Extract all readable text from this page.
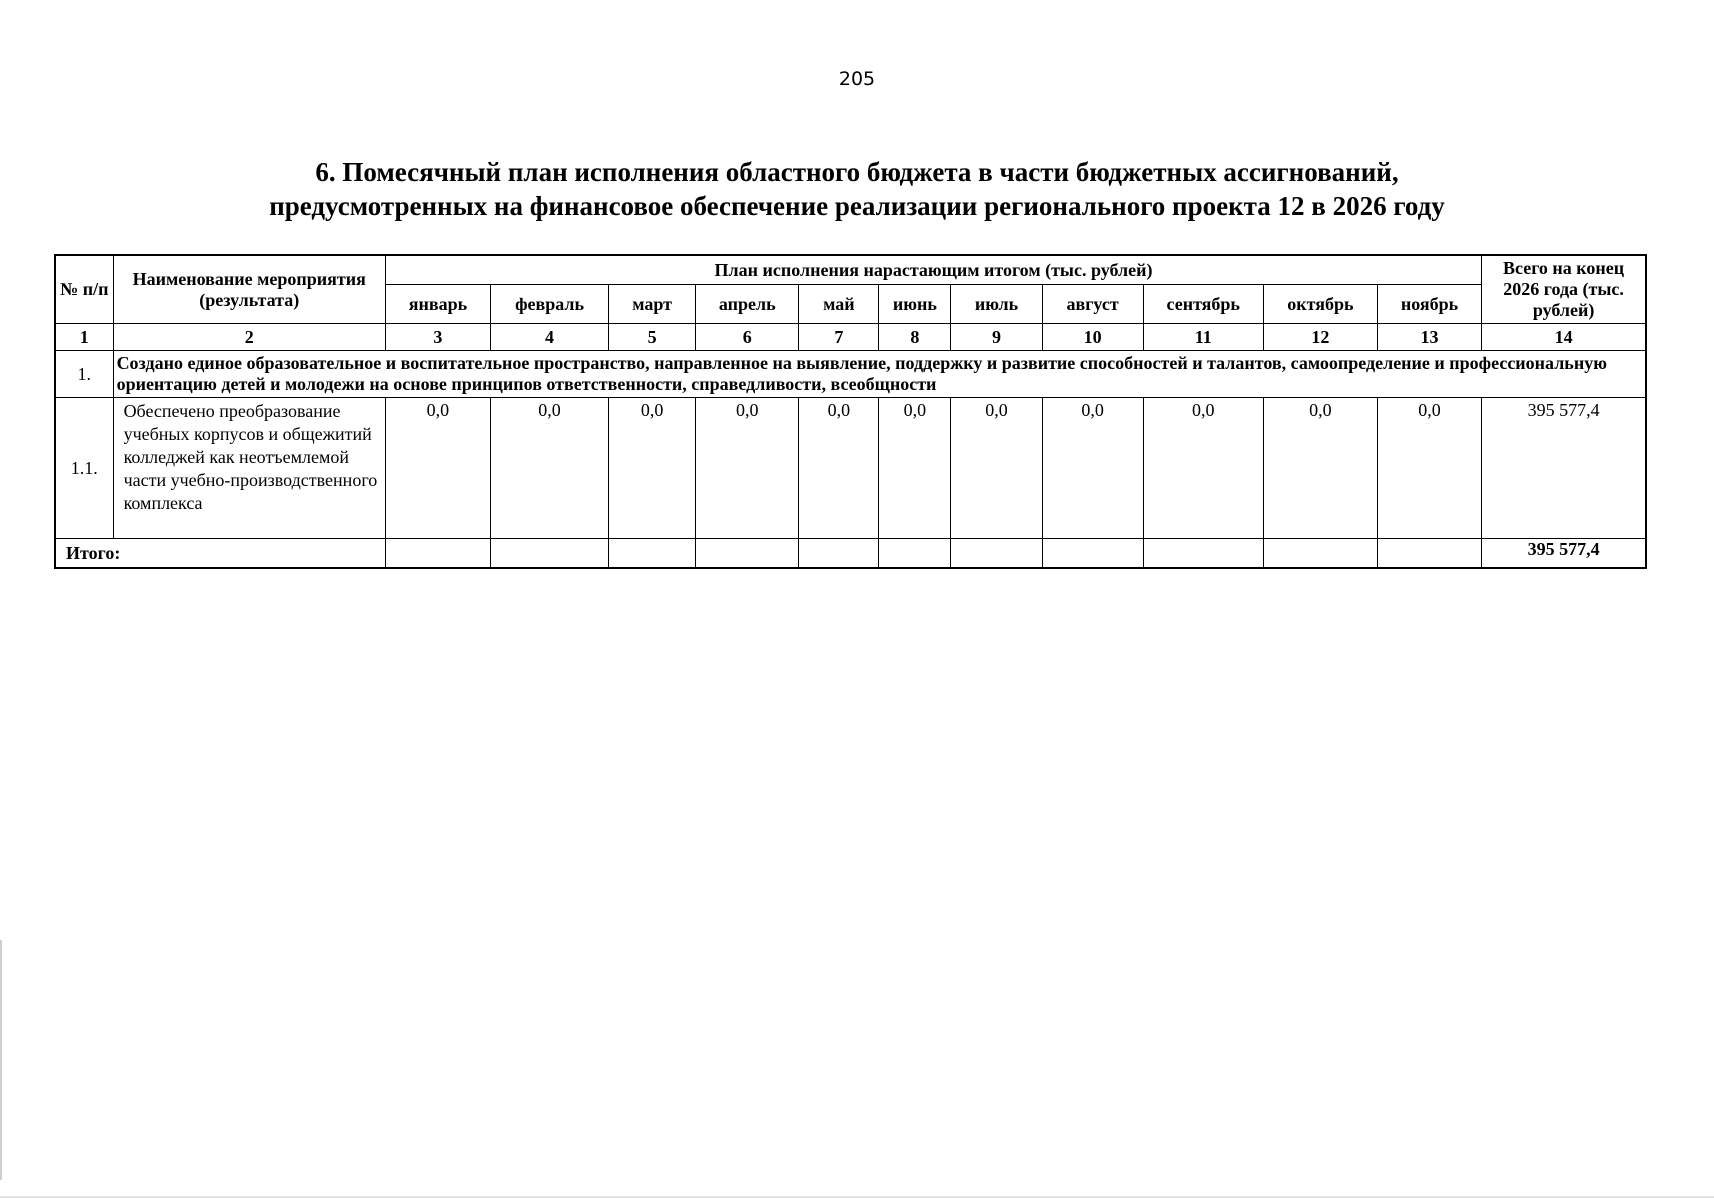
205
6. Помесячный план исполнения областного бюджета в части бюджетных ассигнований,
предусмотренных на финансовое обеспечение реализации регионального проекта 12 в 2026 году
№ п/п	Наименование мероприятия (результата)	План исполнения нарастающим итогом (тыс. рублей)											Всего на конец 2026 года (тыс. рублей)
		январь	февраль	март	апрель	май	июнь	июль	август	сентябрь	октябрь	ноябрь	
1	2	3	4	5	6	7	8	9	10	11	12	13	14
1.	Создано единое образовательное и воспитательное пространство, направленное на выявление, поддержку и развитие способностей и талантов, самоопределение и профессиональную ориентацию детей и молодежи на основе принципов ответственности, справедливости, всеобщности												
1.1.	Обеспечено преобразование учебных корпусов и общежитий колледжей как неотъемлемой части учебно-производственного комплекса	0,0	0,0	0,0	0,0	0,0	0,0	0,0	0,0	0,0	0,0	0,0	395 577,4
Итого:													395 577,4
